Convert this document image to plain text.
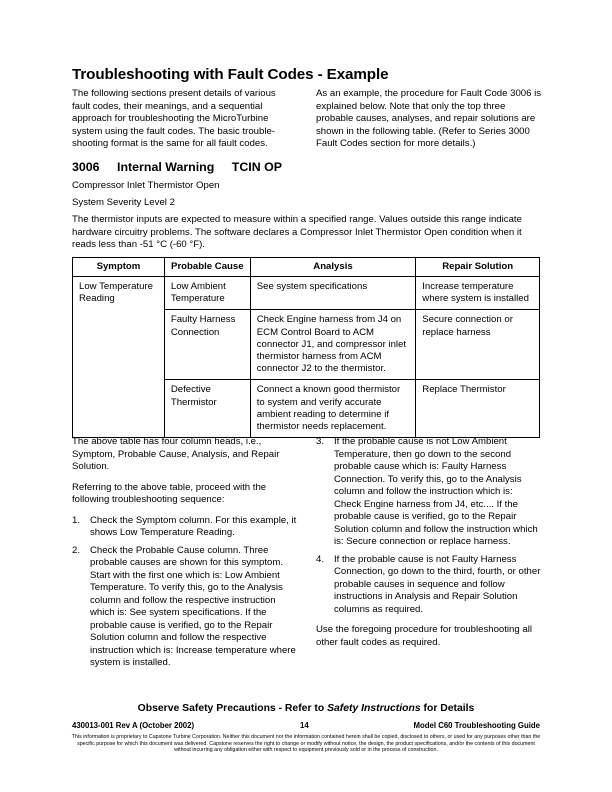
Troubleshooting with Fault Codes - Example

The following sections present details of various fault codes, their meanings, and a sequential approach for troubleshooting the MicroTurbine system using the fault codes. The basic trouble-shooting format is the same for all fault codes.

As an example, the procedure for Fault Code 3006 is explained below. Note that only the top three probable causes, analyses, and repair solutions are shown in the following table. (Refer to Series 3000 Fault Codes section for more details.)

3006 Internal Warning TCIN OP
Compressor Inlet Thermistor Open
System Severity Level 2
The thermistor inputs are expected to measure within a specified range. Values outside this range indicate hardware circuitry problems. The software declares a Compressor Inlet Thermistor Open condition when it reads less than -51 °C (-60 °F).
Symptom	Probable Cause	Analysis	Repair Solution
Low Temperature Reading	Low Ambient Temperature	See system specifications	Increase temperature where system is installed
	Faulty Harness Connection	Check Engine harness from J4 on ECM Control Board to ACM connector J1, and compressor inlet thermistor harness from ACM connector J2 to the thermistor.	Secure connection or replace harness
	Defective Thermistor	Connect a known good thermistor to system and verify accurate ambient reading to determine if thermistor needs replacement.	Replace Thermistor

The above table has four column heads, i.e., Symptom, Probable Cause, Analysis, and Repair Solution.

Referring to the above table, proceed with the following troubleshooting sequence:

1. Check the Symptom column. For this example, it shows Low Temperature Reading.
2. Check the Probable Cause column. Three probable causes are shown for this symptom. Start with the first one which is: Low Ambient Temperature. To verify this, go to the Analysis column and follow the respective instruction which is: See system specifications. If the probable cause is verified, go to the Repair Solution column and follow the respective instruction which is: Increase temperature where system is installed.
3. If the probable cause is not Low Ambient Temperature, then go down to the second probable cause which is: Faulty Harness Connection. To verify this, go to the Analysis column and follow the instruction which is: Check Engine harness from J4, etc.... If the probable cause is verified, go to the Repair Solution column and follow the instruction which is: Secure connection or replace harness.
4. If the probable cause is not Faulty Harness Connection, go down to the third, fourth, or other probable causes in sequence and follow instructions in Analysis and Repair Solution columns as required.

Use the foregoing procedure for troubleshooting all other fault codes as required.

Observe Safety Precautions - Refer to Safety Instructions for Details
430013-001 Rev A (October 2002)	14	Model C60 Troubleshooting Guide
This information is proprietary to Capstone Turbine Corporation. Neither this document nor the information contained herein shall be copied, disclosed to others, or used for any purposes other than the specific purpose for which this document was delivered. Capstone reserves the right to change or modify without notice, the design, the product specifications, and/or the contents of this document without incurring any obligation either with respect to equipment previously sold or in the process of construction.
